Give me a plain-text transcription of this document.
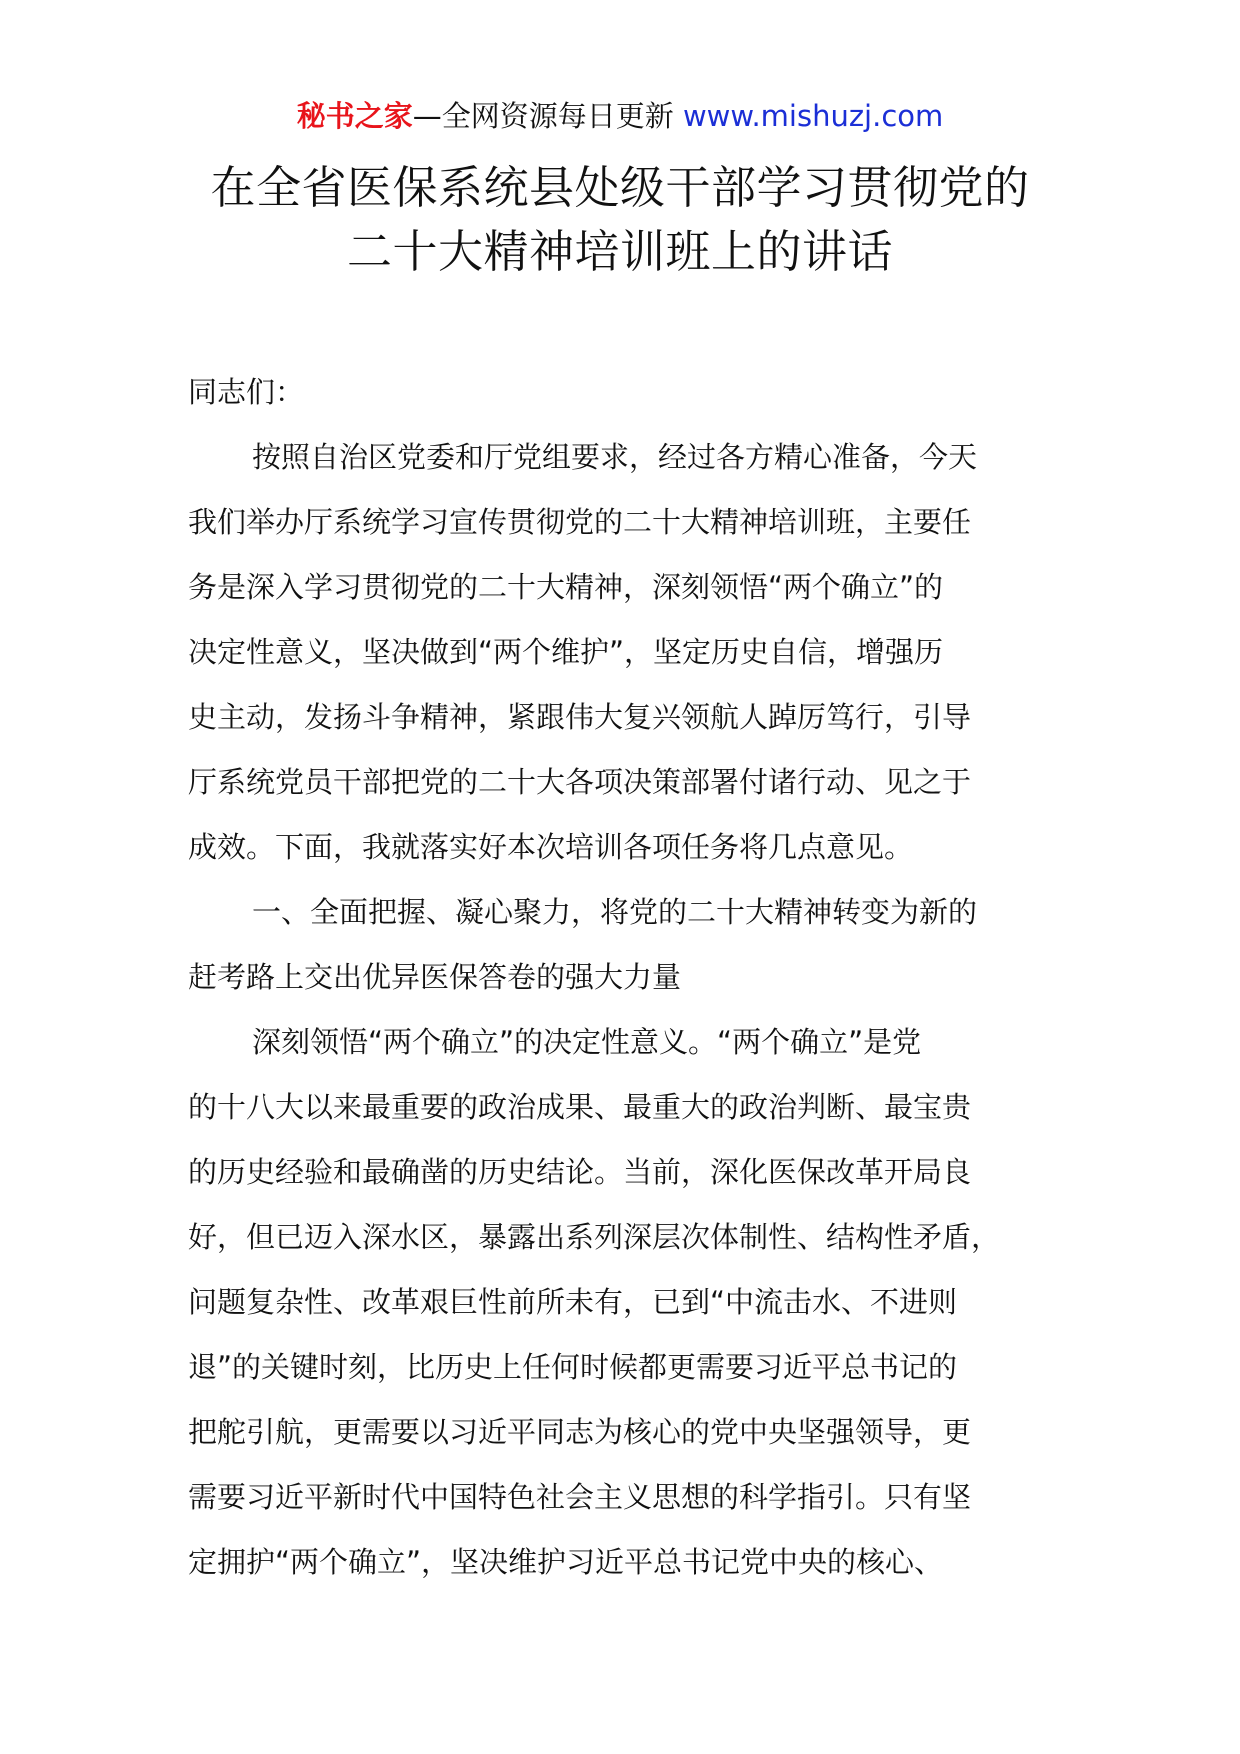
秘书之家—全网资源每日更新 www.mishuzj.com
在全省医保系统县处级干部学习贯彻党的
二十大精神培训班上的讲话
同志们：
按照自治区党委和厅党组要求，经过各方精心准备，今天
我们举办厅系统学习宣传贯彻党的二十大精神培训班，主要任
务是深入学习贯彻党的二十大精神，深刻领悟“两个确立”的
决定性意义，坚决做到“两个维护”，坚定历史自信，增强历
史主动，发扬斗争精神，紧跟伟大复兴领航人踔厉笃行，引导
厅系统党员干部把党的二十大各项决策部署付诸行动、见之于
成效。下面，我就落实好本次培训各项任务将几点意见。
一、全面把握、凝心聚力，将党的二十大精神转变为新的
赶考路上交出优异医保答卷的强大力量
深刻领悟“两个确立”的决定性意义。“两个确立”是党
的十八大以来最重要的政治成果、最重大的政治判断、最宝贵
的历史经验和最确凿的历史结论。当前，深化医保改革开局良
好，但已迈入深水区，暴露出系列深层次体制性、结构性矛盾，
问题复杂性、改革艰巨性前所未有，已到“中流击水、不进则
退”的关键时刻，比历史上任何时候都更需要习近平总书记的
把舵引航，更需要以习近平同志为核心的党中央坚强领导，更
需要习近平新时代中国特色社会主义思想的科学指引。只有坚
定拥护“两个确立”，坚决维护习近平总书记党中央的核心、
